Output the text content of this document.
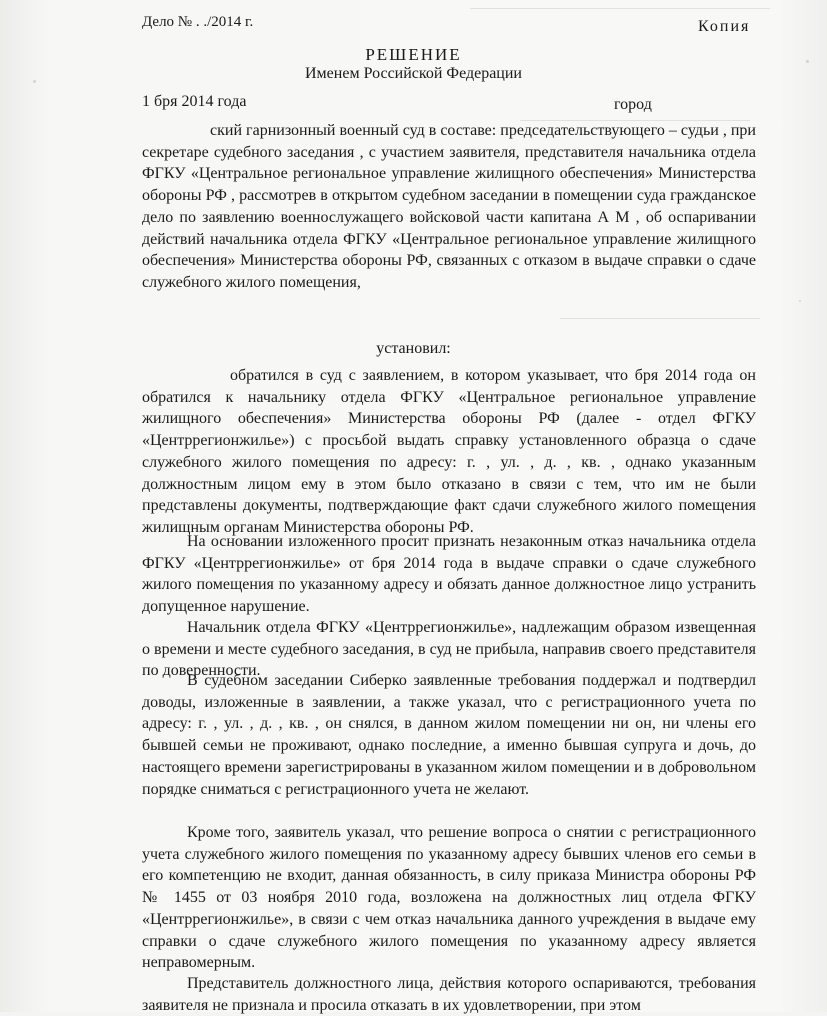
Дело № . ./2014 г.	Копия
РЕШЕНИЕ
Именем Российской Федерации
1 бря 2014 года	город

ский гарнизонный военный суд в составе: председательствующего – судьи , при секретаре судебного заседания , с участием заявителя, представителя начальника отдела ФГКУ «Центральное региональное управление жилищного обеспечения» Министерства обороны РФ , рассмотрев в открытом судебном заседании в помещении суда гражданское дело по заявлению военнослужащего войсковой части капитана А М , об оспаривании действий начальника отдела ФГКУ «Центральное региональное управление жилищного обеспечения» Министерства обороны РФ, связанных с отказом в выдаче справки о сдаче служебного жилого помещения,

установил:

обратился в суд с заявлением, в котором указывает, что бря 2014 года он обратился к начальнику отдела ФГКУ «Центральное региональное управление жилищного обеспечения» Министерства обороны РФ (далее - отдел ФГКУ «Центррегионжилье») с просьбой выдать справку установленного образца о сдаче служебного жилого помещения по адресу: г. , ул. , д. , кв. , однако указанным должностным лицом ему в этом было отказано в связи с тем, что им не были представлены документы, подтверждающие факт сдачи служебного жилого помещения жилищным органам Министерства обороны РФ.

На основании изложенного просит признать незаконным отказ начальника отдела ФГКУ «Центррегионжилье» от бря 2014 года в выдаче справки о сдаче служебного жилого помещения по указанному адресу и обязать данное должностное лицо устранить допущенное нарушение.

Начальник отдела ФГКУ «Центррегионжилье», надлежащим образом извещенная о времени и месте судебного заседания, в суд не прибыла, направив своего представителя по доверенности.

В судебном заседании Сиберко заявленные требования поддержал и подтвердил доводы, изложенные в заявлении, а также указал, что с регистрационного учета по адресу: г. , ул. , д. , кв. , он снялся, в данном жилом помещении ни он, ни члены его бывшей семьи не проживают, однако последние, а именно бывшая супруга и дочь, до настоящего времени зарегистрированы в указанном жилом помещении и в добровольном порядке сниматься с регистрационного учета не желают.

Кроме того, заявитель указал, что решение вопроса о снятии с регистрационного учета служебного жилого помещения по указанному адресу бывших членов его семьи в его компетенцию не входит, данная обязанность, в силу приказа Министра обороны РФ № 1455 от 03 ноября 2010 года, возложена на должностных лиц отдела ФГКУ «Центррегионжилье», в связи с чем отказ начальника данного учреждения в выдаче ему справки о сдаче служебного жилого помещения по указанному адресу является неправомерным.

Представитель должностного лица, действия которого оспариваются, требования заявителя не признала и просила отказать в их удовлетворении, при этом
